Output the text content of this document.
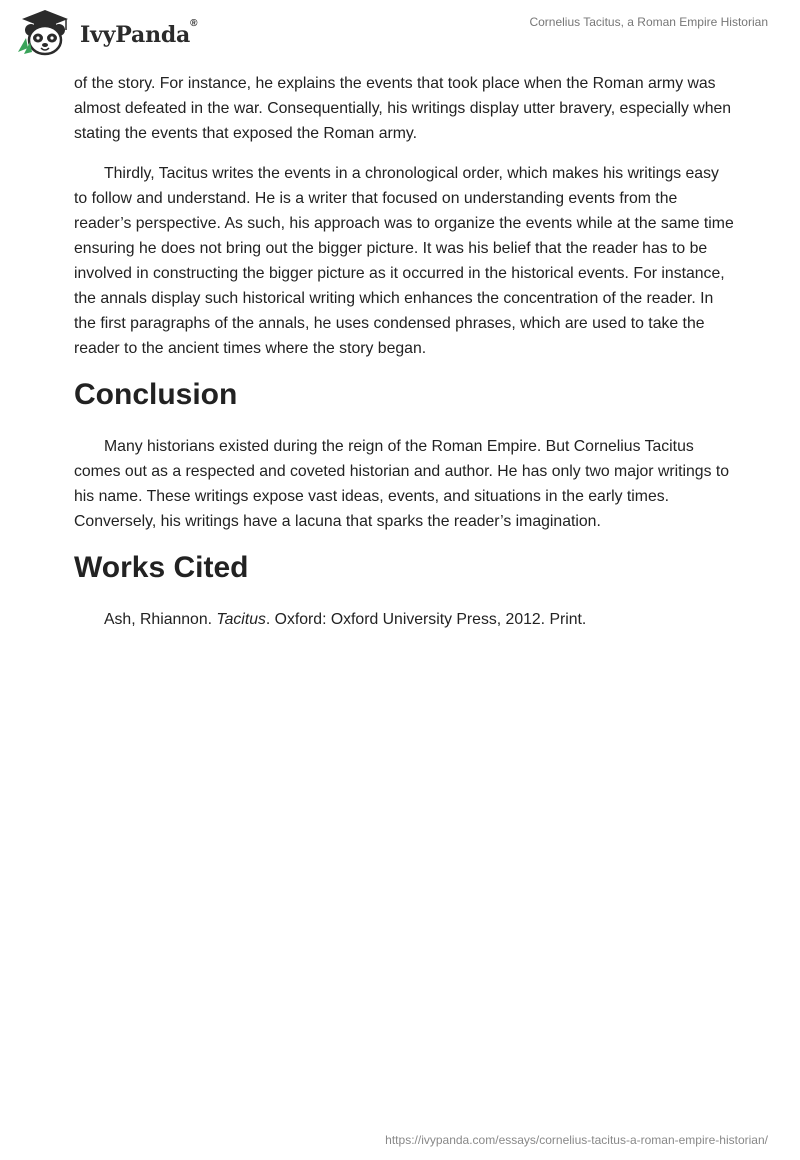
IvyPanda®	Cornelius Tacitus, a Roman Empire Historian

of the story. For instance, he explains the events that took place when the Roman army was almost defeated in the war. Consequentially, his writings display utter bravery, especially when stating the events that exposed the Roman army.

Thirdly, Tacitus writes the events in a chronological order, which makes his writings easy to follow and understand. He is a writer that focused on understanding events from the reader’s perspective. As such, his approach was to organize the events while at the same time ensuring he does not bring out the bigger picture. It was his belief that the reader has to be involved in constructing the bigger picture as it occurred in the historical events. For instance, the annals display such historical writing which enhances the concentration of the reader. In the first paragraphs of the annals, he uses condensed phrases, which are used to take the reader to the ancient times where the story began.

Conclusion

Many historians existed during the reign of the Roman Empire. But Cornelius Tacitus comes out as a respected and coveted historian and author. He has only two major writings to his name. These writings expose vast ideas, events, and situations in the early times. Conversely, his writings have a lacuna that sparks the reader’s imagination.

Works Cited

Ash, Rhiannon. Tacitus. Oxford: Oxford University Press, 2012. Print.

https://ivypanda.com/essays/cornelius-tacitus-a-roman-empire-historian/
